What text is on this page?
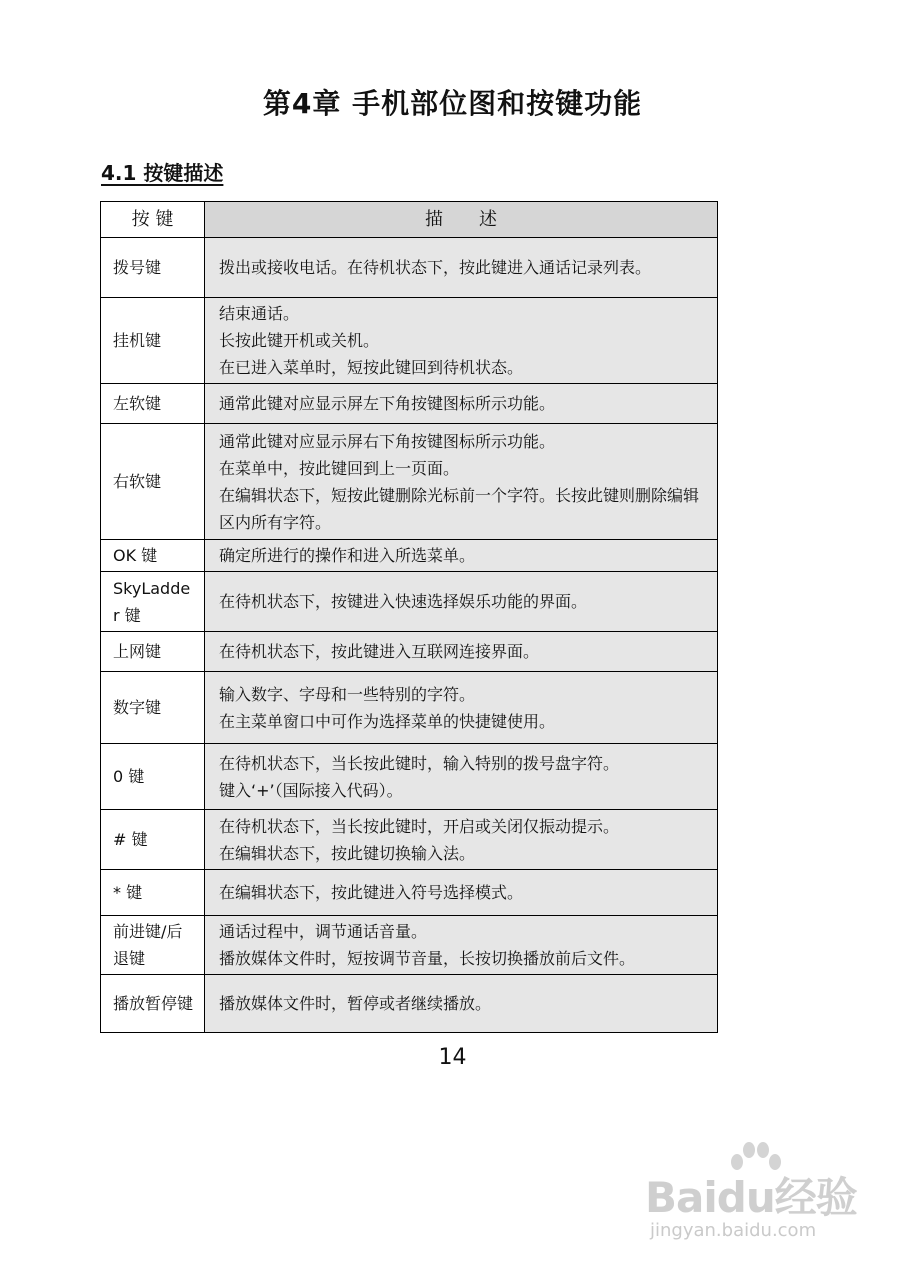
第4章 手机部位图和按键功能
4.1 按键描述
按 键	描述
拨号键	拨出或接收电话。在待机状态下，按此键进入通话记录列表。

挂机键	结束通话。
长按此键开机或关机。
在已进入菜单时，短按此键回到待机状态。

左软键	通常此键对应显示屏左下角按键图标所示功能。

右软键	通常此键对应显示屏右下角按键图标所示功能。
在菜单中，按此键回到上一页面。
在编辑状态下，短按此键删除光标前一个字符。长按此键则删除编辑区内所有字符。

OK 键	确定所进行的操作和进入所选菜单。

SkyLadder 键	在待机状态下，按键进入快速选择娱乐功能的界面。

上网键	在待机状态下，按此键进入互联网连接界面。

数字键	输入数字、字母和一些特别的字符。
在主菜单窗口中可作为选择菜单的快捷键使用。

0 键	在待机状态下，当长按此键时，输入特别的拨号盘字符。
键入‘+’（国际接入代码）。

# 键	在待机状态下，当长按此键时，开启或关闭仅振动提示。
在编辑状态下，按此键切换输入法。

* 键	在编辑状态下，按此键进入符号选择模式。

前进键/后退键	通话过程中，调节通话音量。
播放媒体文件时，短按调节音量，长按切换播放前后文件。

播放暂停键	播放媒体文件时，暂停或者继续播放。
14
Baidu经验
jingyan.baidu.com
